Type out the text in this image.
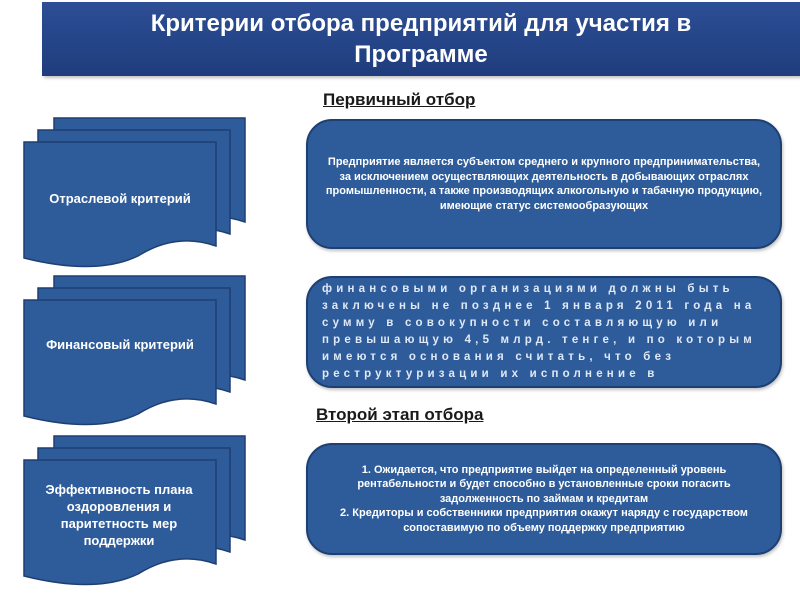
Критерии отбора предприятий для участия в Программе
Первичный отбор
Второй этап отбора
Отраслевой критерий
Финансовый критерий
Эффективность плана оздоровления и паритетность мер поддержки
Предприятие является субъектом среднего и крупного предпринимательства, за исключением осуществляющих деятельность в добывающих отраслях промышленности, а также производящих алкогольную и табачную продукцию, имеющие статус системообразующих
финансовыми организациями должны быть заключены не позднее 1 января 2011 года на сумму в совокупности составляющую или превышающую 4,5 млрд. тенге, и по которым имеются основания считать, что без реструктуризации их исполнение в
1. Ожидается, что предприятие выйдет на определенный уровень рентабельности и будет способно в установленные сроки погасить задолженность по займам и кредитам
2. Кредиторы и собственники предприятия окажут наряду с государством сопоставимую по объему поддержку предприятию
